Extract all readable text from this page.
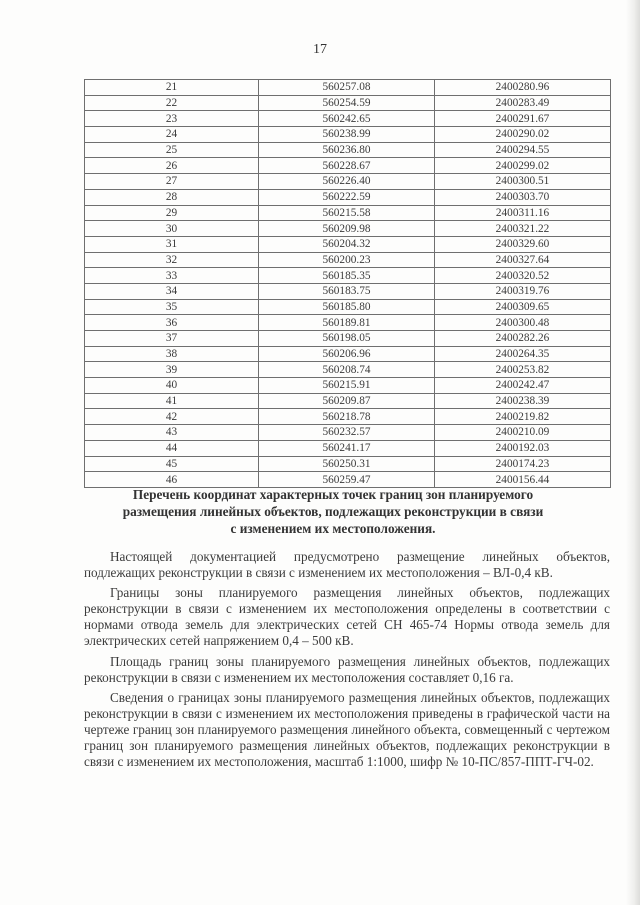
17
21	560257.08	2400280.96
22	560254.59	2400283.49
23	560242.65	2400291.67
24	560238.99	2400290.02
25	560236.80	2400294.55
26	560228.67	2400299.02
27	560226.40	2400300.51
28	560222.59	2400303.70
29	560215.58	2400311.16
30	560209.98	2400321.22
31	560204.32	2400329.60
32	560200.23	2400327.64
33	560185.35	2400320.52
34	560183.75	2400319.76
35	560185.80	2400309.65
36	560189.81	2400300.48
37	560198.05	2400282.26
38	560206.96	2400264.35
39	560208.74	2400253.82
40	560215.91	2400242.47
41	560209.87	2400238.39
42	560218.78	2400219.82
43	560232.57	2400210.09
44	560241.17	2400192.03
45	560250.31	2400174.23
46	560259.47	2400156.44
Перечень координат характерных точек границ зон планируемого
размещения линейных объектов, подлежащих реконструкции в связи
с изменением их местоположения.

Настоящей документацией предусмотрено размещение линейных объектов, подлежащих реконструкции в связи с изменением их местоположения – ВЛ-0,4 кВ.

Границы зоны планируемого размещения линейных объектов, подлежащих реконструкции в связи с изменением их местоположения определены в соответствии с нормами отвода земель для электрических сетей СН 465-74 Нормы отвода земель для электрических сетей напряжением 0,4 – 500 кВ.

Площадь границ зоны планируемого размещения линейных объектов, подлежащих реконструкции в связи с изменением их местоположения составляет 0,16 га.

Сведения о границах зоны планируемого размещения линейных объектов, подлежащих реконструкции в связи с изменением их местоположения приведены в графической части на чертеже границ зон планируемого размещения линейного объекта, совмещенный с чертежом границ зон планируемого размещения линейных объектов, подлежащих реконструкции в связи с изменением их местоположения, масштаб 1:1000, шифр № 10-ПС/857-ППТ-ГЧ-02.
